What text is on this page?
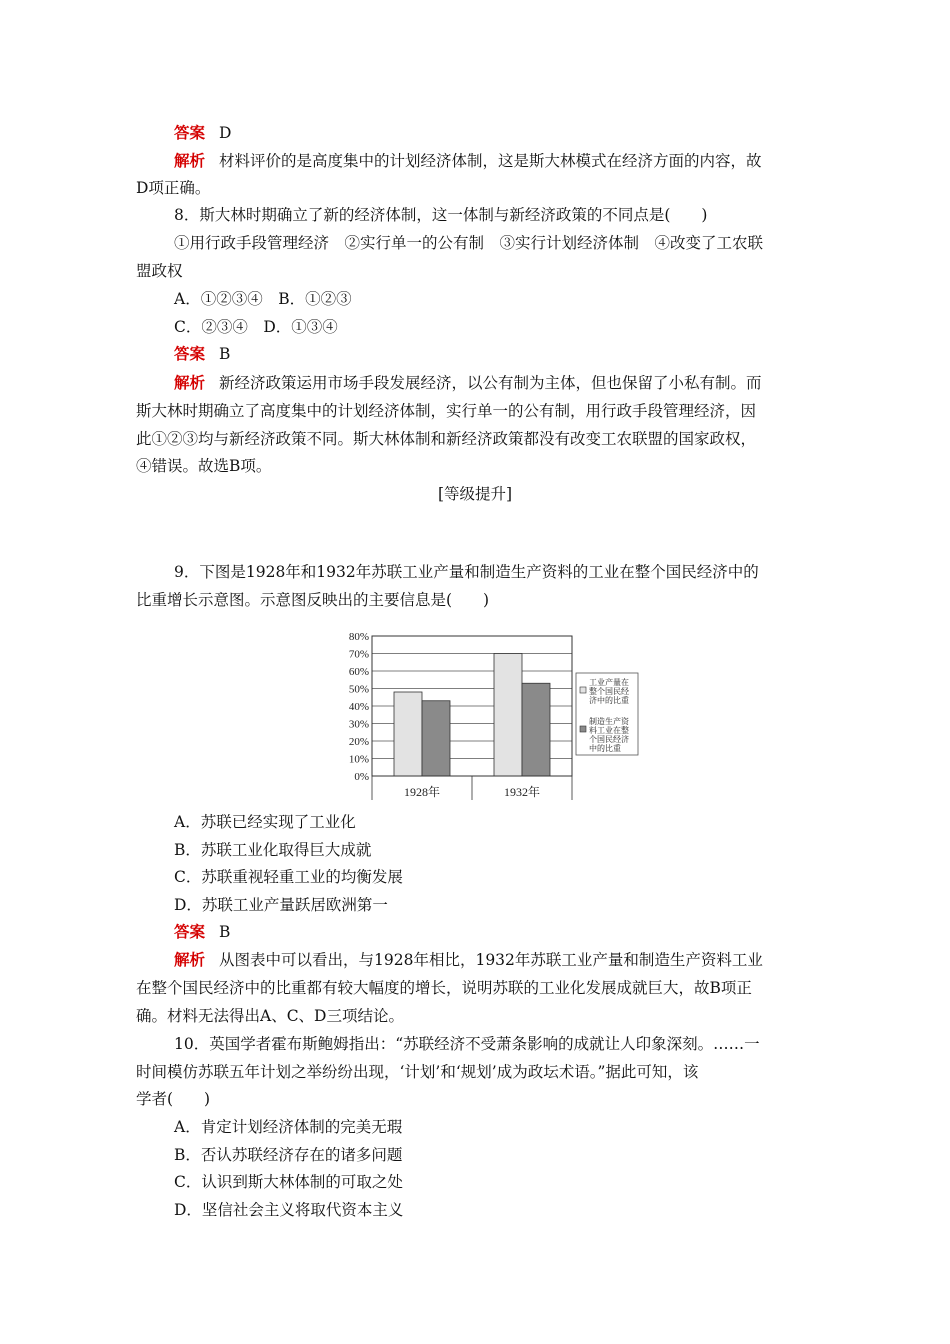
答案 D
解析 材料评价的是高度集中的计划经济体制，这是斯大林模式在经济方面的内容，故
D项正确。
8．斯大林时期确立了新的经济体制，这一体制与新经济政策的不同点是(　　)
①用行政手段管理经济　②实行单一的公有制　③实行计划经济体制　④改变了工农联
盟政权
A．①②③④　B．①②③
C．②③④　D．①③④
答案 B
解析 新经济政策运用市场手段发展经济，以公有制为主体，但也保留了小私有制。而
斯大林时期确立了高度集中的计划经济体制，实行单一的公有制，用行政手段管理经济，因
此①②③均与新经济政策不同。斯大林体制和新经济政策都没有改变工农联盟的国家政权，
④错误。故选B项。
[等级提升]
9．下图是1928年和1932年苏联工业产量和制造生产资料的工业在整个国民经济中的
比重增长示意图。示意图反映出的主要信息是(　　)
0%
10%
20%
30%
40%
50%
60%
70%
80%
1928年	1932年
工业产量在
整个国民经
济中的比重
制造生产资
料工业在整
个国民经济
中的比重
A．苏联已经实现了工业化
B．苏联工业化取得巨大成就
C．苏联重视轻重工业的均衡发展
D．苏联工业产量跃居欧洲第一
答案 B
解析 从图表中可以看出，与1928年相比，1932年苏联工业产量和制造生产资料工业
在整个国民经济中的比重都有较大幅度的增长，说明苏联的工业化发展成就巨大，故B项正
确。材料无法得出A、C、D三项结论。
10．英国学者霍布斯鲍姆指出：“苏联经济不受萧条影响的成就让人印象深刻。……一
时间模仿苏联五年计划之举纷纷出现，‘计划’和‘规划’成为政坛术语。”据此可知，该
学者(　　)
A．肯定计划经济体制的完美无瑕
B．否认苏联经济存在的诸多问题
C．认识到斯大林体制的可取之处
D．坚信社会主义将取代资本主义
